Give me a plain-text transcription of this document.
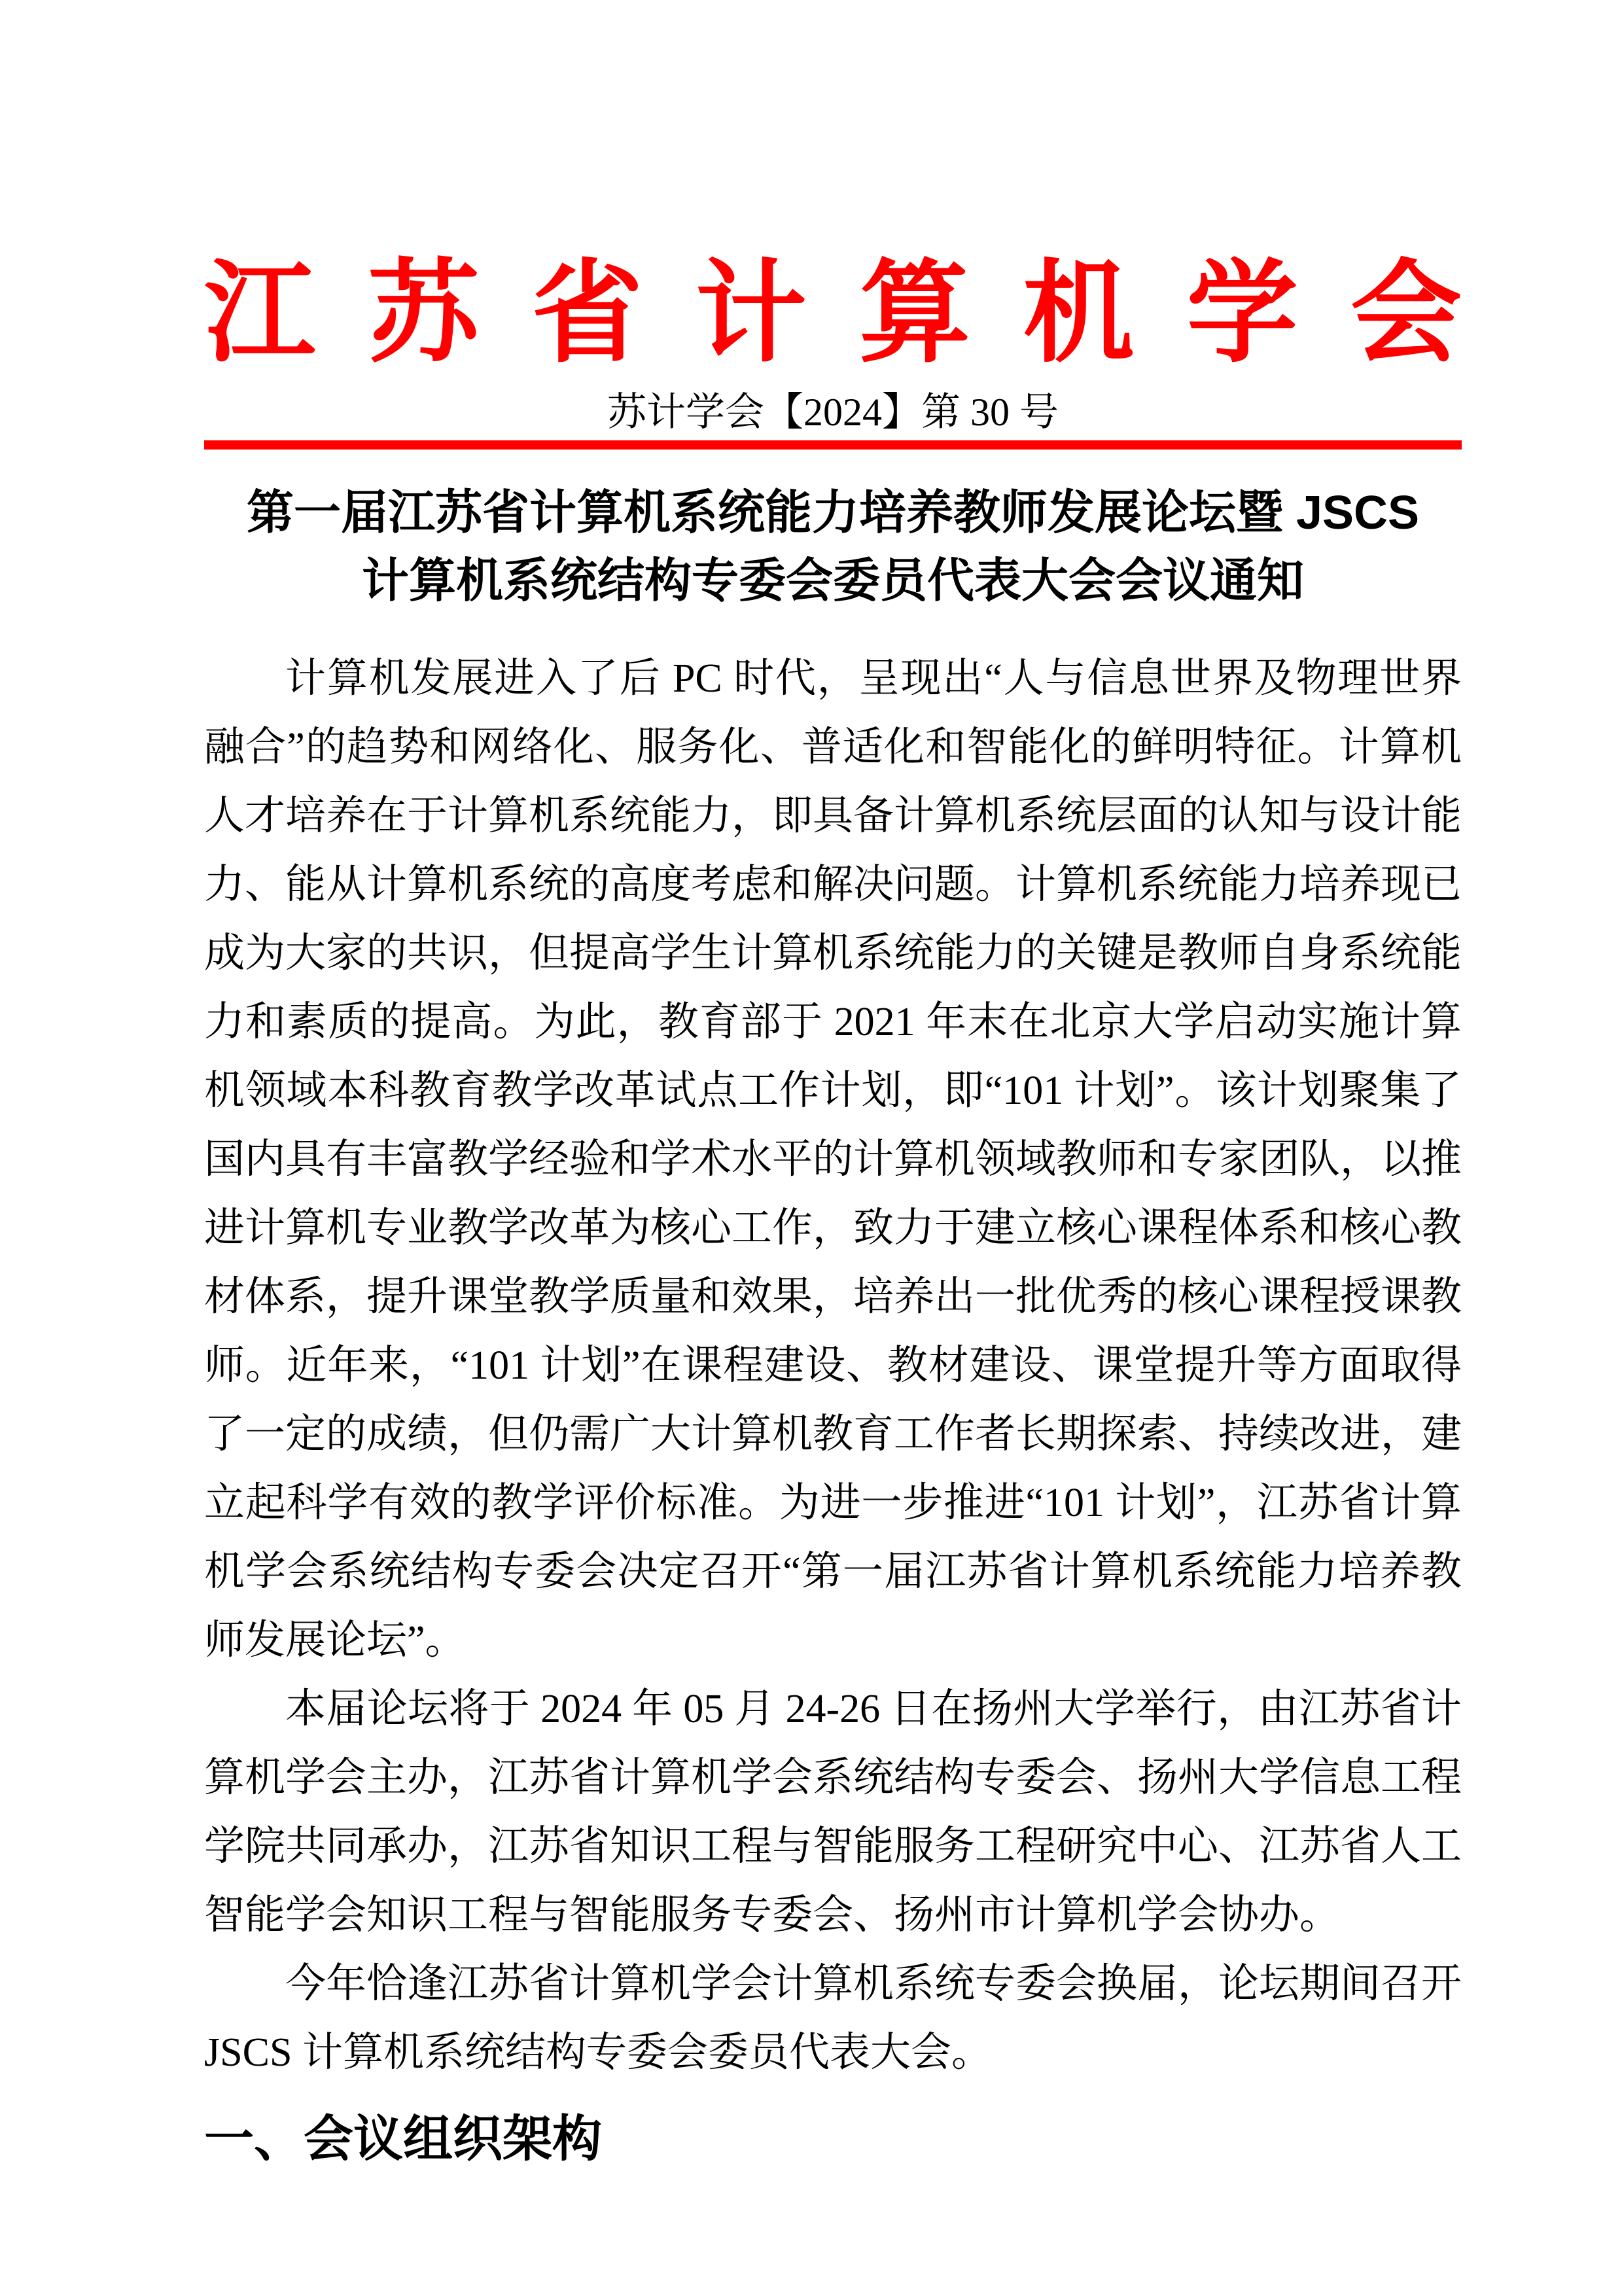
江 苏 省 计 算 机 学 会
苏计学会【2024】第 30 号
第一届江苏省计算机系统能力培养教师发展论坛暨 JSCS
计算机系统结构专委会委员代表大会会议通知

计算机发展进入了后 PC 时代，呈现出“人与信息世界及物理世界融合”的趋势和网络化、服务化、普适化和智能化的鲜明特征。计算机人才培养在于计算机系统能力，即具备计算机系统层面的认知与设计能力、能从计算机系统的高度考虑和解决问题。计算机系统能力培养现已成为大家的共识，但提高学生计算机系统能力的关键是教师自身系统能力和素质的提高。为此，教育部于 2021 年末在北京大学启动实施计算机领域本科教育教学改革试点工作计划，即“101 计划”。该计划聚集了国内具有丰富教学经验和学术水平的计算机领域教师和专家团队，以推进计算机专业教学改革为核心工作，致力于建立核心课程体系和核心教材体系，提升课堂教学质量和效果，培养出一批优秀的核心课程授课教师。近年来，“101 计划”在课程建设、教材建设、课堂提升等方面取得了一定的成绩，但仍需广大计算机教育工作者长期探索、持续改进，建立起科学有效的教学评价标准。为进一步推进“101 计划”，江苏省计算机学会系统结构专委会决定召开“第一届江苏省计算机系统能力培养教师发展论坛”。

本届论坛将于 2024 年 05 月 24-26 日在扬州大学举行，由江苏省计算机学会主办，江苏省计算机学会系统结构专委会、扬州大学信息工程学院共同承办，江苏省知识工程与智能服务工程研究中心、江苏省人工智能学会知识工程与智能服务专委会、扬州市计算机学会协办。

今年恰逢江苏省计算机学会计算机系统专委会换届，论坛期间召开 JSCS 计算机系统结构专委会委员代表大会。

一、会议组织架构
